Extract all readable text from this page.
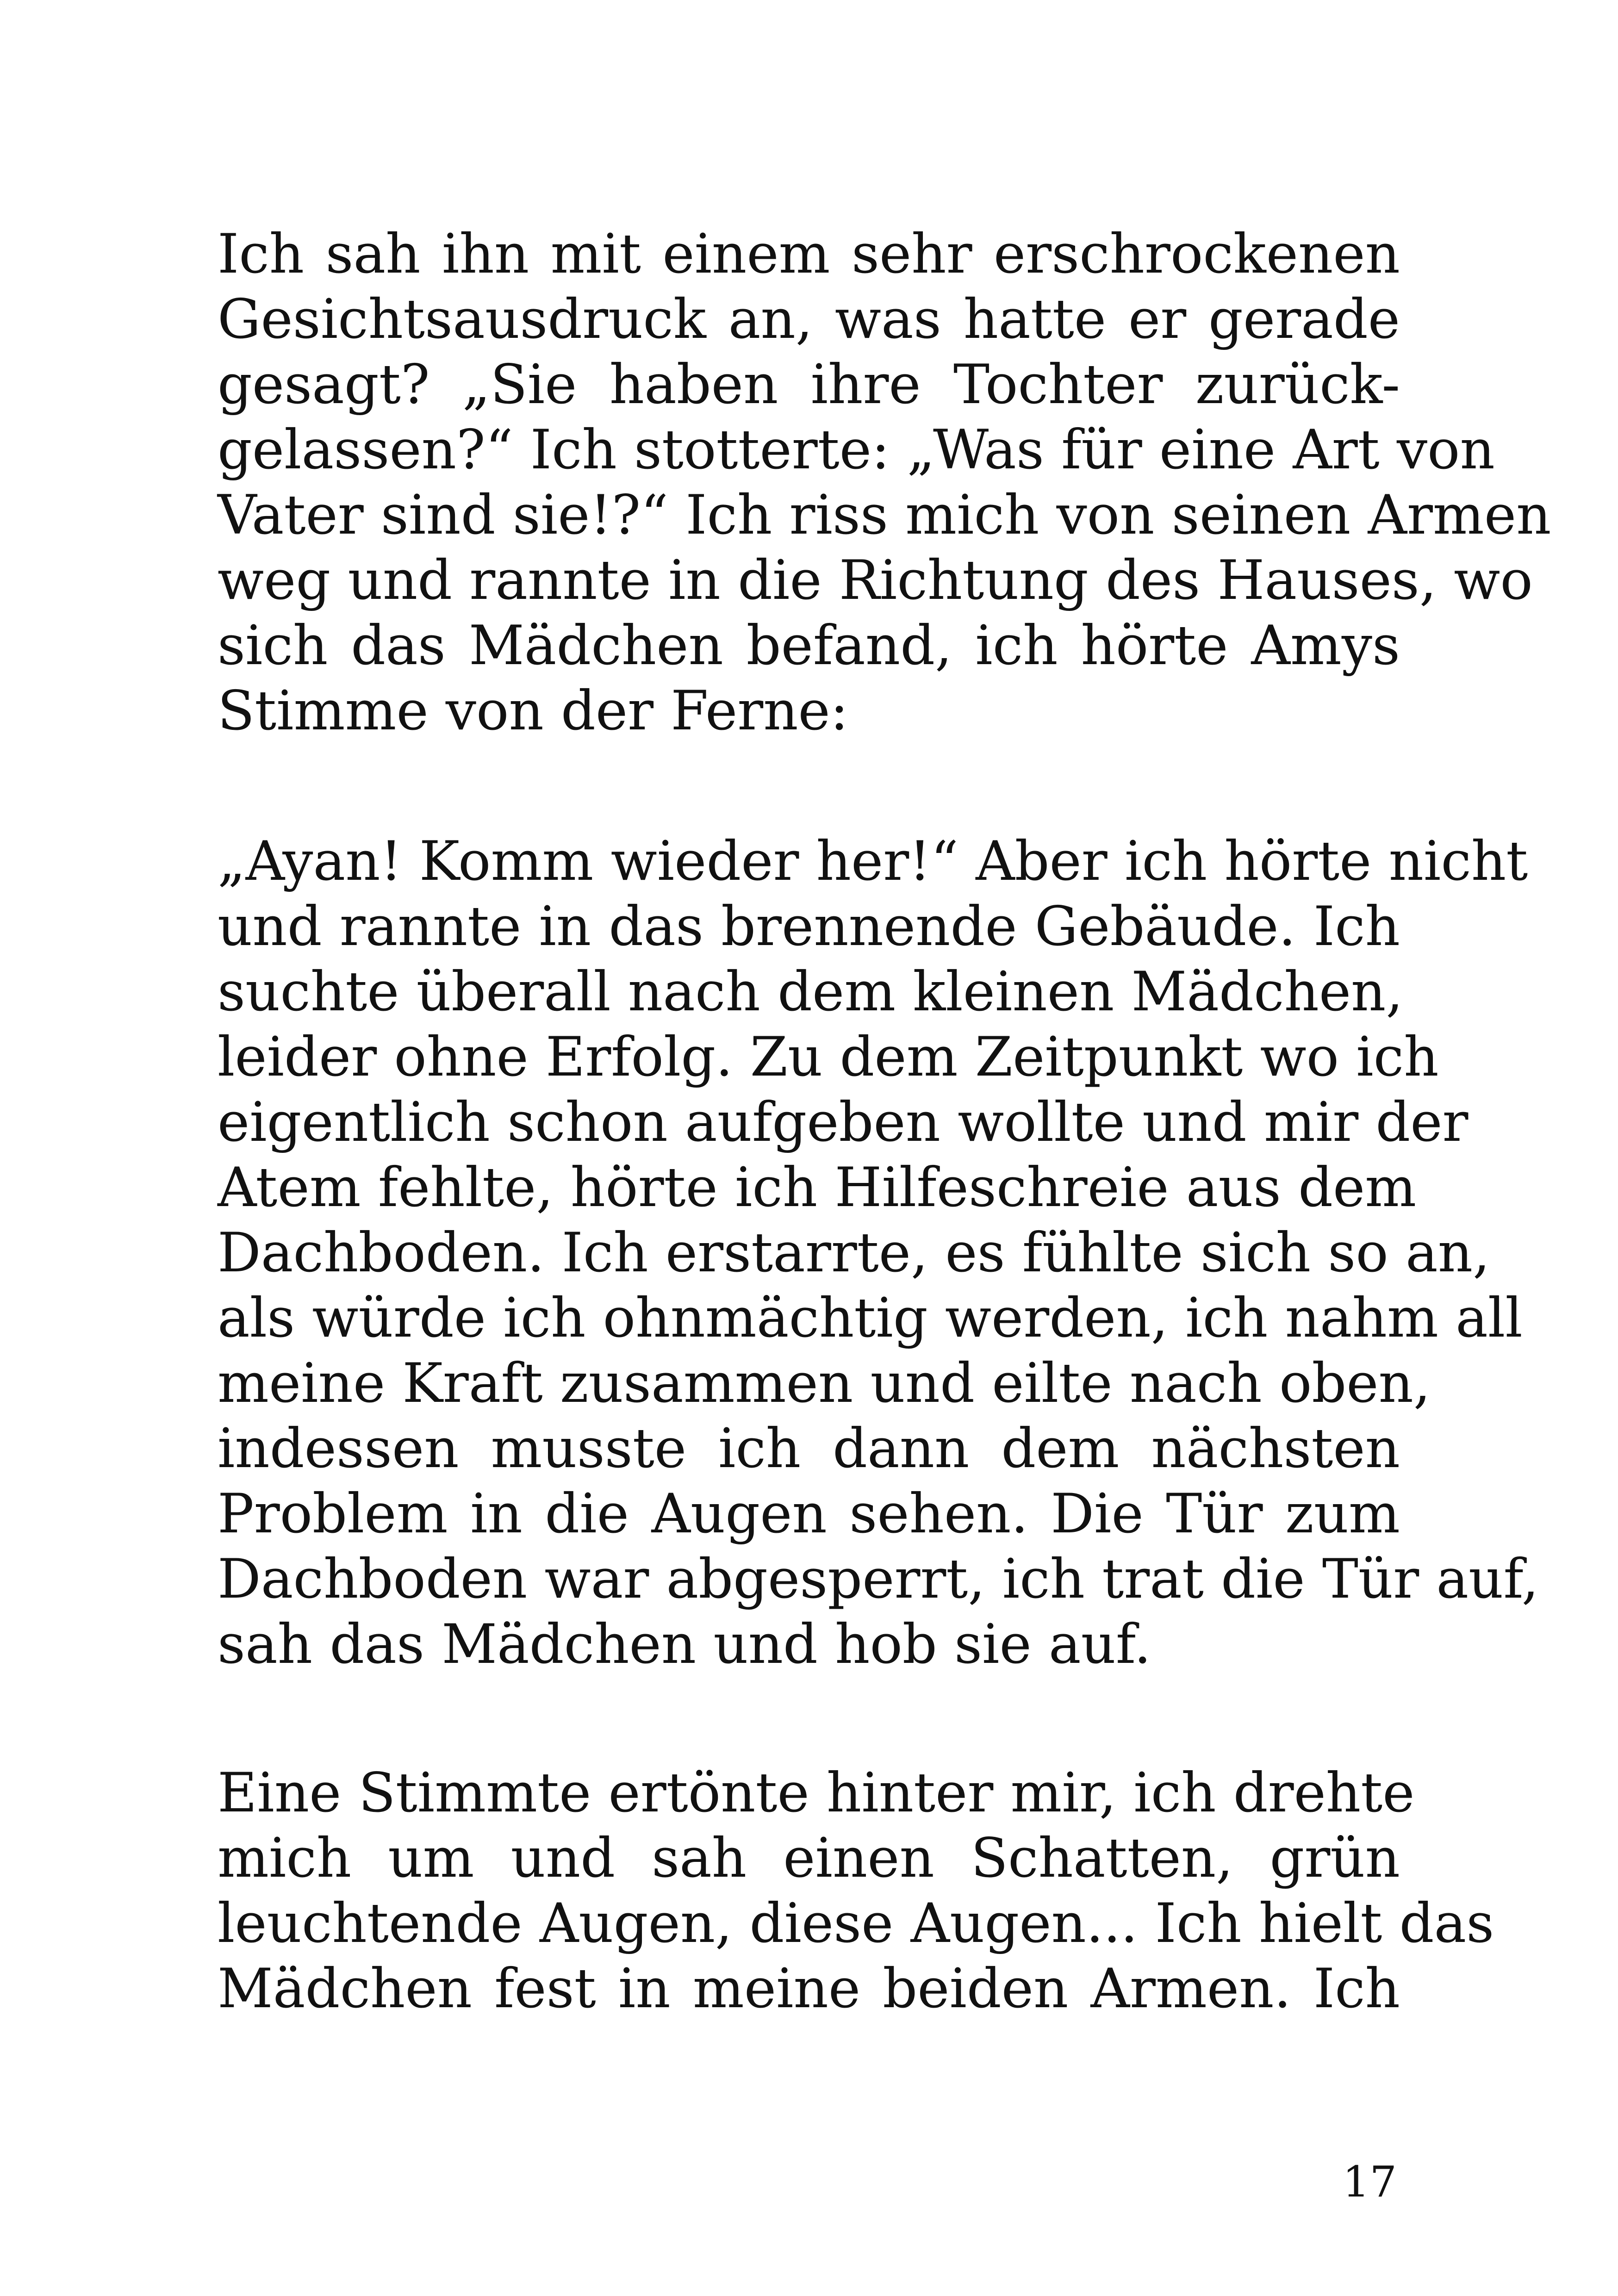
Ich sah ihn mit einem sehr erschrockenen
Gesichtsausdruck an, was hatte er gerade
gesagt? „Sie haben ihre Tochter zurück-
gelassen?“ Ich stotterte: „Was für eine Art von
Vater sind sie!?“ Ich riss mich von seinen Armen
weg und rannte in die Richtung des Hauses, wo
sich das Mädchen befand, ich hörte Amys
Stimme von der Ferne:
„Ayan! Komm wieder her!“ Aber ich hörte nicht
und rannte in das brennende Gebäude. Ich
suchte überall nach dem kleinen Mädchen,
leider ohne Erfolg. Zu dem Zeitpunkt wo ich
eigentlich schon aufgeben wollte und mir der
Atem fehlte, hörte ich Hilfeschreie aus dem
Dachboden. Ich erstarrte, es fühlte sich so an,
als würde ich ohnmächtig werden, ich nahm all
meine Kraft zusammen und eilte nach oben,
indessen musste ich dann dem nächsten
Problem in die Augen sehen. Die Tür zum
Dachboden war abgesperrt, ich trat die Tür auf,
sah das Mädchen und hob sie auf.
Eine Stimmte ertönte hinter mir, ich drehte
mich um und sah einen Schatten, grün
leuchtende Augen, diese Augen... Ich hielt das
Mädchen fest in meine beiden Armen. Ich
17
